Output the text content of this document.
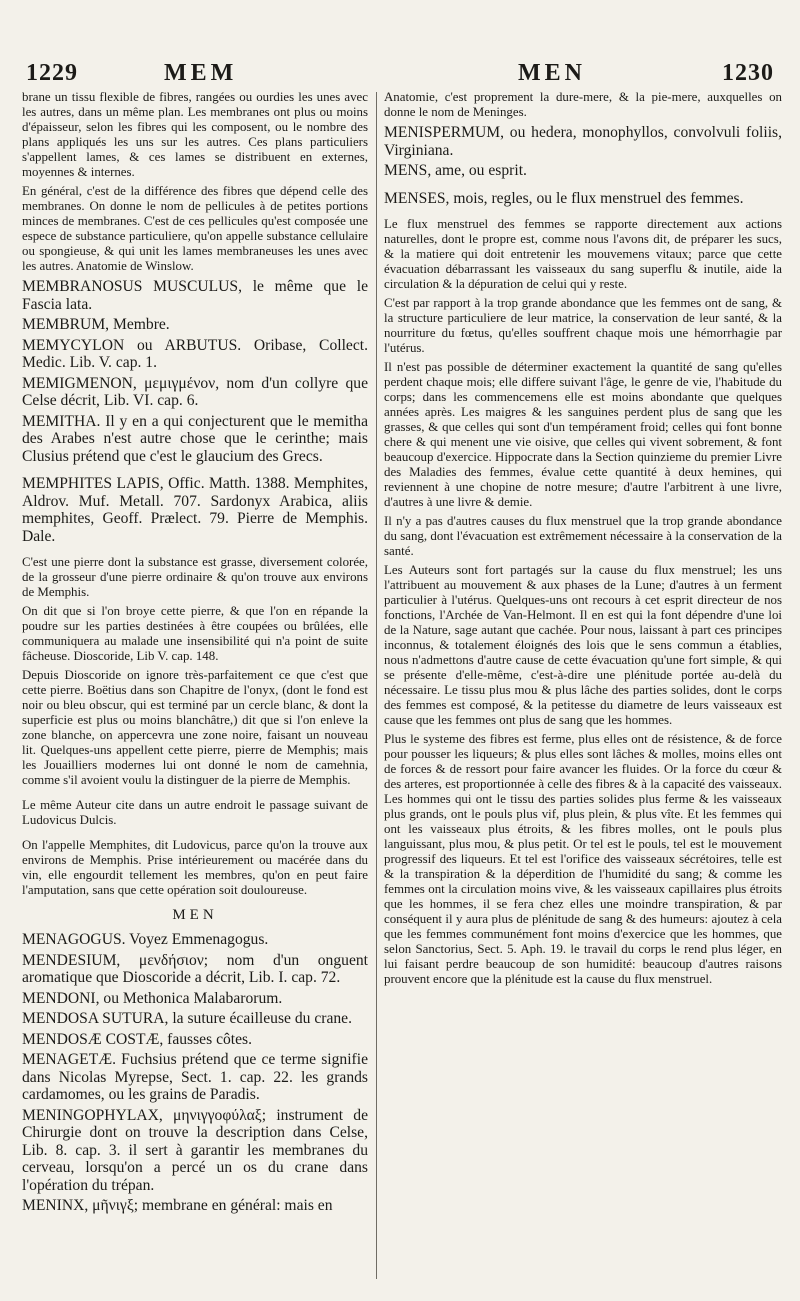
1229	MEM	MEN	1230

brane un tissu flexible de fibres, rangées ou ourdies les unes avec les autres, dans un même plan. Les membranes ont plus ou moins d'épaisseur, selon les fibres qui les composent, ou le nombre des plans appliqués les uns sur les autres. Ces plans particuliers s'appellent lames, & ces lames se distribuent en externes, moyennes & internes.

En général, c'est de la différence des fibres que dépend celle des membranes. On donne le nom de pellicules à de petites portions minces de membranes. C'est de ces pellicules qu'est composée une espece de substance particuliere, qu'on appelle substance cellulaire ou spongieuse, & qui unit les lames membraneuses les unes avec les autres. Anatomie de Winslow.

MEMBRANOSUS MUSCULUS, le même que le Fascia lata.

MEMBRUM, Membre.

MEMYCYLON ou ARBUTUS. Oribase, Collect. Medic. Lib. V. cap. 1.

MEMIGMENON, μεμιγμένον, nom d'un collyre que Celse décrit, Lib. VI. cap. 6.

MEMITHA. Il y en a qui conjecturent que le memitha des Arabes n'est autre chose que le cerinthe; mais Clusius prétend que c'est le glaucium des Grecs.

MEMPHITES LAPIS, Offic. Matth. 1388. Memphites, Aldrov. Muf. Metall. 707. Sardonyx Arabica, aliis memphites, Geoff. Prælect. 79. Pierre de Memphis. Dale.

C'est une pierre dont la substance est grasse, diversement colorée, de la grosseur d'une pierre ordinaire & qu'on trouve aux environs de Memphis.

On dit que si l'on broye cette pierre, & que l'on en répande la poudre sur les parties destinées à être coupées ou brûlées, elle communiquera au malade une insensibilité qui n'a point de suite fâcheuse. Dioscoride, Lib V. cap. 148.

Depuis Dioscoride on ignore très-parfaitement ce que c'est que cette pierre. Boëtius dans son Chapitre de l'onyx, (dont le fond est noir ou bleu obscur, qui est terminé par un cercle blanc, & dont la superficie est plus ou moins blanchâtre,) dit que si l'on enleve la zone blanche, on appercevra une zone noire, faisant un nouveau lit. Quelques-uns appellent cette pierre, pierre de Memphis; mais les Jouailliers modernes lui ont donné le nom de camehnia, comme s'il avoient voulu la distinguer de la pierre de Memphis.

Le même Auteur cite dans un autre endroit le passage suivant de Ludovicus Dulcis.

On l'appelle Memphites, dit Ludovicus, parce qu'on la trouve aux environs de Memphis. Prise intérieurement ou macérée dans du vin, elle engourdit tellement les membres, qu'on en peut faire l'amputation, sans que cette opération soit douloureuse.

MEN

MENAGOGUS. Voyez Emmenagogus.

MENDESIUM, μενδήσιον; nom d'un onguent aromatique que Dioscoride a décrit, Lib. I. cap. 72.

MENDONI, ou Methonica Malabarorum.

MENDOSA SUTURA, la suture écailleuse du crane.

MENDOSÆ COSTÆ, fausses côtes.

MENAGETÆ. Fuchsius prétend que ce terme signifie dans Nicolas Myrepse, Sect. 1. cap. 22. les grands cardamomes, ou les grains de Paradis.

MENINGOPHYLAX, μηνιγγοφύλαξ; instrument de Chirurgie dont on trouve la description dans Celse, Lib. 8. cap. 3. il sert à garantir les membranes du cerveau, lorsqu'on a percé un os du crane dans l'opération du trépan.

MENINX, μῆνιγξ; membrane en général: mais en

Anatomie, c'est proprement la dure-mere, & la pie-mere, auxquelles on donne le nom de Meninges.

MENISPERMUM, ou hedera, monophyllos, convolvuli foliis, Virginiana.

MENS, ame, ou esprit.

MENSES, mois, regles, ou le flux menstruel des femmes.

Le flux menstruel des femmes se rapporte directement aux actions naturelles, dont le propre est, comme nous l'avons dit, de préparer les sucs, & la matiere qui doit entretenir les mouvemens vitaux; parce que cette évacuation débarrassant les vaisseaux du sang superflu & inutile, aide la circulation & la dépuration de celui qui y reste.

C'est par rapport à la trop grande abondance que les femmes ont de sang, & la structure particuliere de leur matrice, la conservation de leur santé, & la nourriture du fœtus, qu'elles souffrent chaque mois une hémorrhagie par l'utérus.

Il n'est pas possible de déterminer exactement la quantité de sang qu'elles perdent chaque mois; elle differe suivant l'âge, le genre de vie, l'habitude du corps; dans les commencemens elle est moins abondante que quelques années après. Les maigres & les sanguines perdent plus de sang que les grasses, & que celles qui sont d'un tempérament froid; celles qui font bonne chere & qui menent une vie oisive, que celles qui vivent sobrement, & font beaucoup d'exercice. Hippocrate dans la Section quinzieme du premier Livre des Maladies des femmes, évalue cette quantité à deux hemines, qui reviennent à une chopine de notre mesure; d'autre l'arbitrent à une livre, d'autres à une livre & demie.

Il n'y a pas d'autres causes du flux menstruel que la trop grande abondance du sang, dont l'évacuation est extrêmement nécessaire à la conservation de la santé.

Les Auteurs sont fort partagés sur la cause du flux menstruel; les uns l'attribuent au mouvement & aux phases de la Lune; d'autres à un ferment particulier à l'utérus. Quelques-uns ont recours à cet esprit directeur de nos fonctions, l'Archée de Van-Helmont. Il en est qui la font dépendre d'une loi de la Nature, sage autant que cachée. Pour nous, laissant à part ces principes inconnus, & totalement éloignés des lois que le sens commun a établies, nous n'admettons d'autre cause de cette évacuation qu'une fort simple, & qui se présente d'elle-même, c'est-à-dire une plénitude portée au-delà du nécessaire. Le tissu plus mou & plus lâche des parties solides, dont le corps des femmes est composé, & la petitesse du diametre de leurs vaisseaux est cause que les femmes ont plus de sang que les hommes.

Plus le systeme des fibres est ferme, plus elles ont de résistence, & de force pour pousser les liqueurs; & plus elles sont lâches & molles, moins elles ont de forces & de ressort pour faire avancer les fluides. Or la force du cœur & des arteres, est proportionnée à celle des fibres & à la capacité des vaisseaux. Les hommes qui ont le tissu des parties solides plus ferme & les vaisseaux plus grands, ont le pouls plus vif, plus plein, & plus vîte. Et les femmes qui ont les vaisseaux plus étroits, & les fibres molles, ont le pouls plus languissant, plus mou, & plus petit. Or tel est le pouls, tel est le mouvement progressif des liqueurs. Et tel est l'orifice des vaisseaux sécrétoires, telle est & la transpiration & la déperdition de l'humidité du sang; & comme les femmes ont la circulation moins vive, & les vaisseaux capillaires plus étroits que les hommes, il se fera chez elles une moindre transpiration, & par conséquent il y aura plus de plénitude de sang & des humeurs: ajoutez à cela que les femmes communément font moins d'exercice que les hommes, que selon Sanctorius, Sect. 5. Aph. 19. le travail du corps le rend plus léger, en lui faisant perdre beaucoup de son humidité: beaucoup d'autres raisons prouvent encore que la plénitude est la cause du flux menstruel.
